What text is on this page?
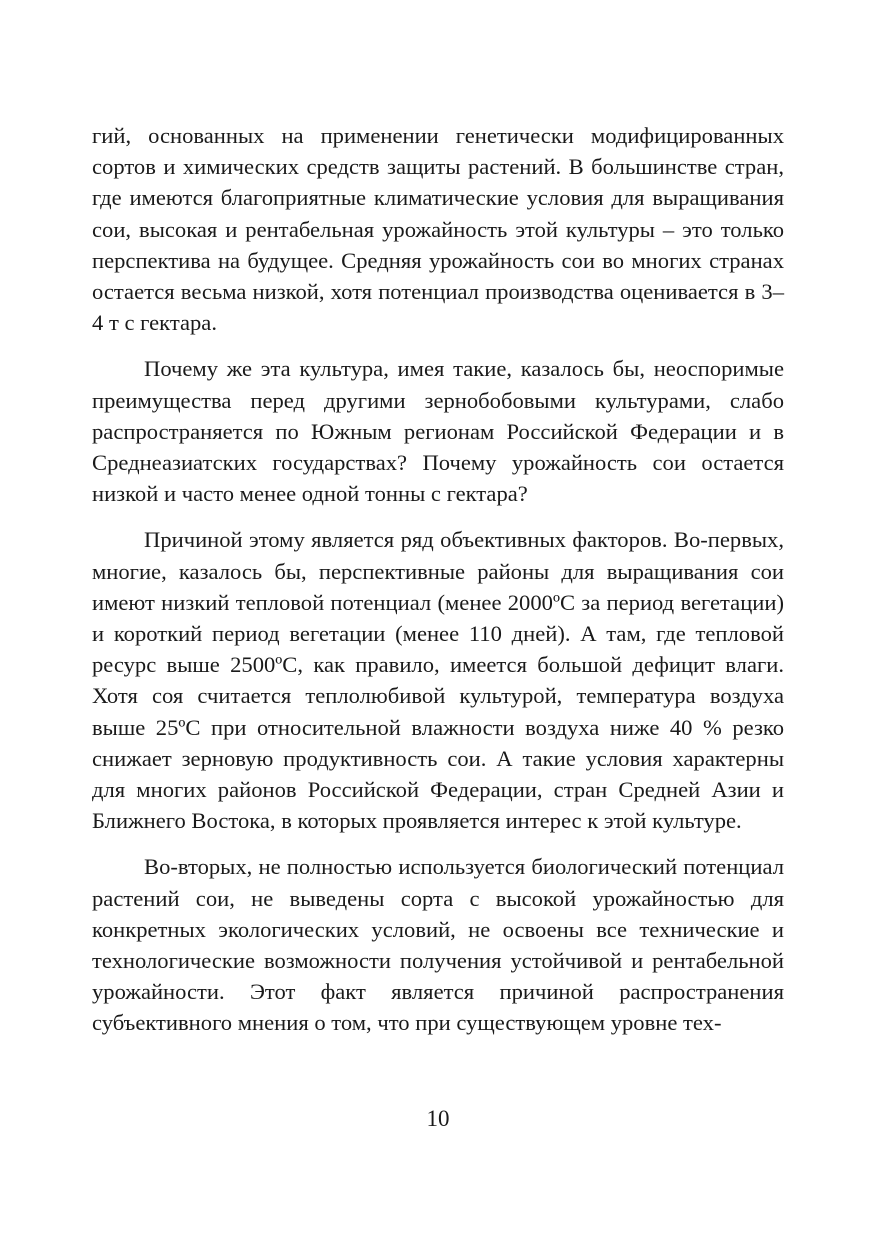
гий, основанных на применении генетически модифицированных сортов и химических средств защиты растений. В большинстве стран, где имеются благоприятные климатические условия для выращивания сои, высокая и рентабельная урожайность этой культуры – это только перспектива на будущее. Средняя урожайность сои во многих странах остается весьма низкой, хотя потенциал производства оценивается в 3–4 т с гектара.

Почему же эта культура, имея такие, казалось бы, неоспоримые преимущества перед другими зернобобовыми культурами, слабо распространяется по Южным регионам Российской Федерации и в Среднеазиатских государствах? Почему урожайность сои остается низкой и часто менее одной тонны с гектара?

Причиной этому является ряд объективных факторов. Во-первых, многие, казалось бы, перспективные районы для выращивания сои имеют низкий тепловой потенциал (менее 2000ºС за период вегетации) и короткий период вегетации (менее 110 дней). А там, где тепловой ресурс выше 2500ºС, как правило, имеется большой дефицит влаги. Хотя соя считается теплолюбивой культурой, температура воздуха выше 25ºС при относительной влажности воздуха ниже 40 % резко снижает зерновую продуктивность сои. А такие условия характерны для многих районов Российской Федерации, стран Средней Азии и Ближнего Востока, в которых проявляется интерес к этой культуре.

Во-вторых, не полностью используется биологический потенциал растений сои, не выведены сорта с высокой урожайностью для конкретных экологических условий, не освоены все технические и технологические возможности получения устойчивой и рентабельной урожайности. Этот факт является причиной распространения субъективного мнения о том, что при существующем уровне тех-

10
